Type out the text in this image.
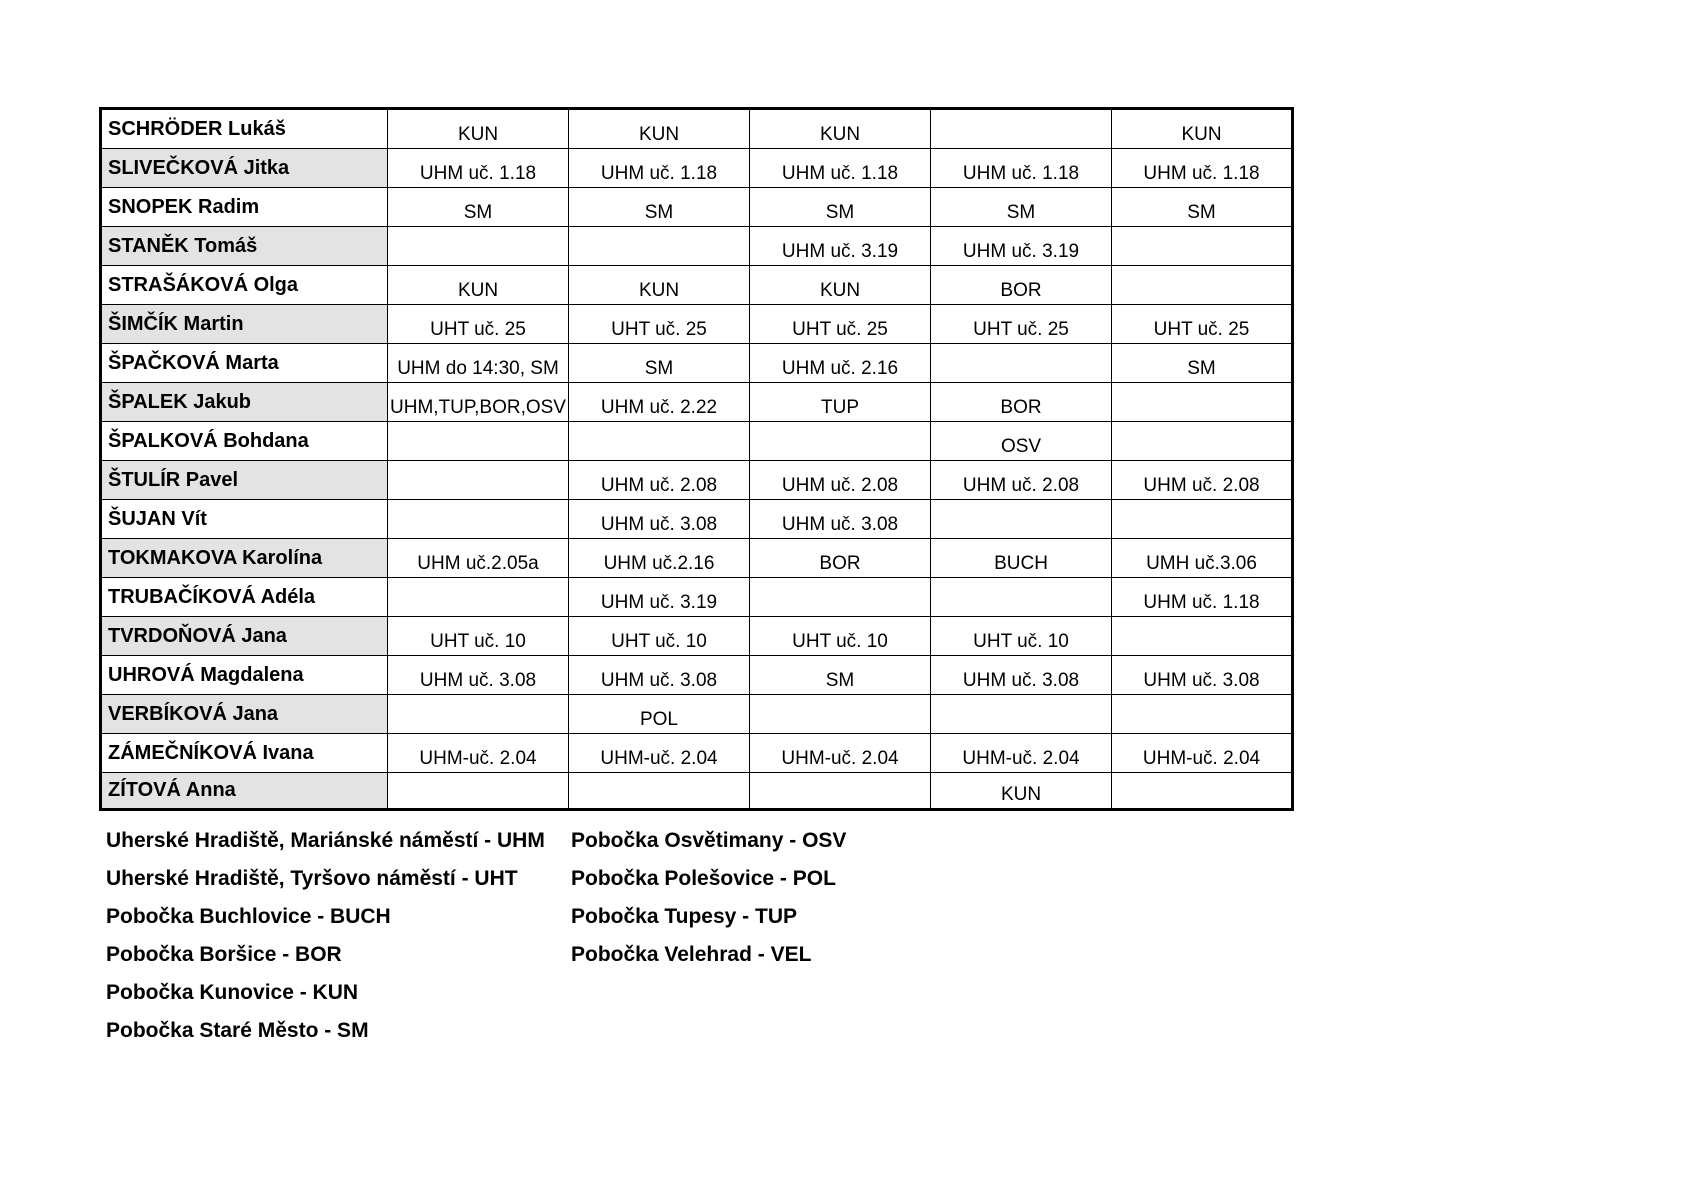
SCHRÖDER Lukáš	KUN	KUN	KUN		KUN
SLIVEČKOVÁ Jitka	UHM uč. 1.18	UHM uč. 1.18	UHM uč. 1.18	UHM uč. 1.18	UHM uč. 1.18
SNOPEK Radim	SM	SM	SM	SM	SM
STANĚK Tomáš			UHM uč. 3.19	UHM uč. 3.19	
STRAŠÁKOVÁ Olga	KUN	KUN	KUN	BOR	
ŠIMČÍK Martin	UHT uč. 25	UHT uč. 25	UHT uč. 25	UHT uč. 25	UHT uč. 25
ŠPAČKOVÁ Marta	UHM do 14:30, SM	SM	UHM uč. 2.16		SM
ŠPALEK Jakub	UHM,TUP,BOR,OSV	UHM uč. 2.22	TUP	BOR	
ŠPALKOVÁ Bohdana				OSV	
ŠTULÍR Pavel		UHM uč. 2.08	UHM uč. 2.08	UHM uč. 2.08	UHM uč. 2.08
ŠUJAN Vít		UHM uč. 3.08	UHM uč. 3.08		
TOKMAKOVA Karolína	UHM uč.2.05a	UHM uč.2.16	BOR	BUCH	UMH uč.3.06
TRUBAČÍKOVÁ Adéla		UHM uč. 3.19			UHM uč. 1.18
TVRDOŇOVÁ Jana	UHT uč. 10	UHT uč. 10	UHT uč. 10	UHT uč. 10	
UHROVÁ Magdalena	UHM uč. 3.08	UHM uč. 3.08	SM	UHM uč. 3.08	UHM uč. 3.08
VERBÍKOVÁ Jana		POL			
ZÁMEČNÍKOVÁ Ivana	UHM-uč. 2.04	UHM-uč. 2.04	UHM-uč. 2.04	UHM-uč. 2.04	UHM-uč. 2.04
ZÍTOVÁ Anna				KUN	
Uherské Hradiště, Mariánské náměstí - UHM
Uherské Hradiště, Tyršovo náměstí - UHT
Pobočka Buchlovice - BUCH
Pobočka Boršice - BOR
Pobočka Kunovice - KUN
Pobočka Staré Město - SM
Pobočka Osvětimany - OSV
Pobočka Polešovice - POL
Pobočka Tupesy - TUP
Pobočka Velehrad - VEL
